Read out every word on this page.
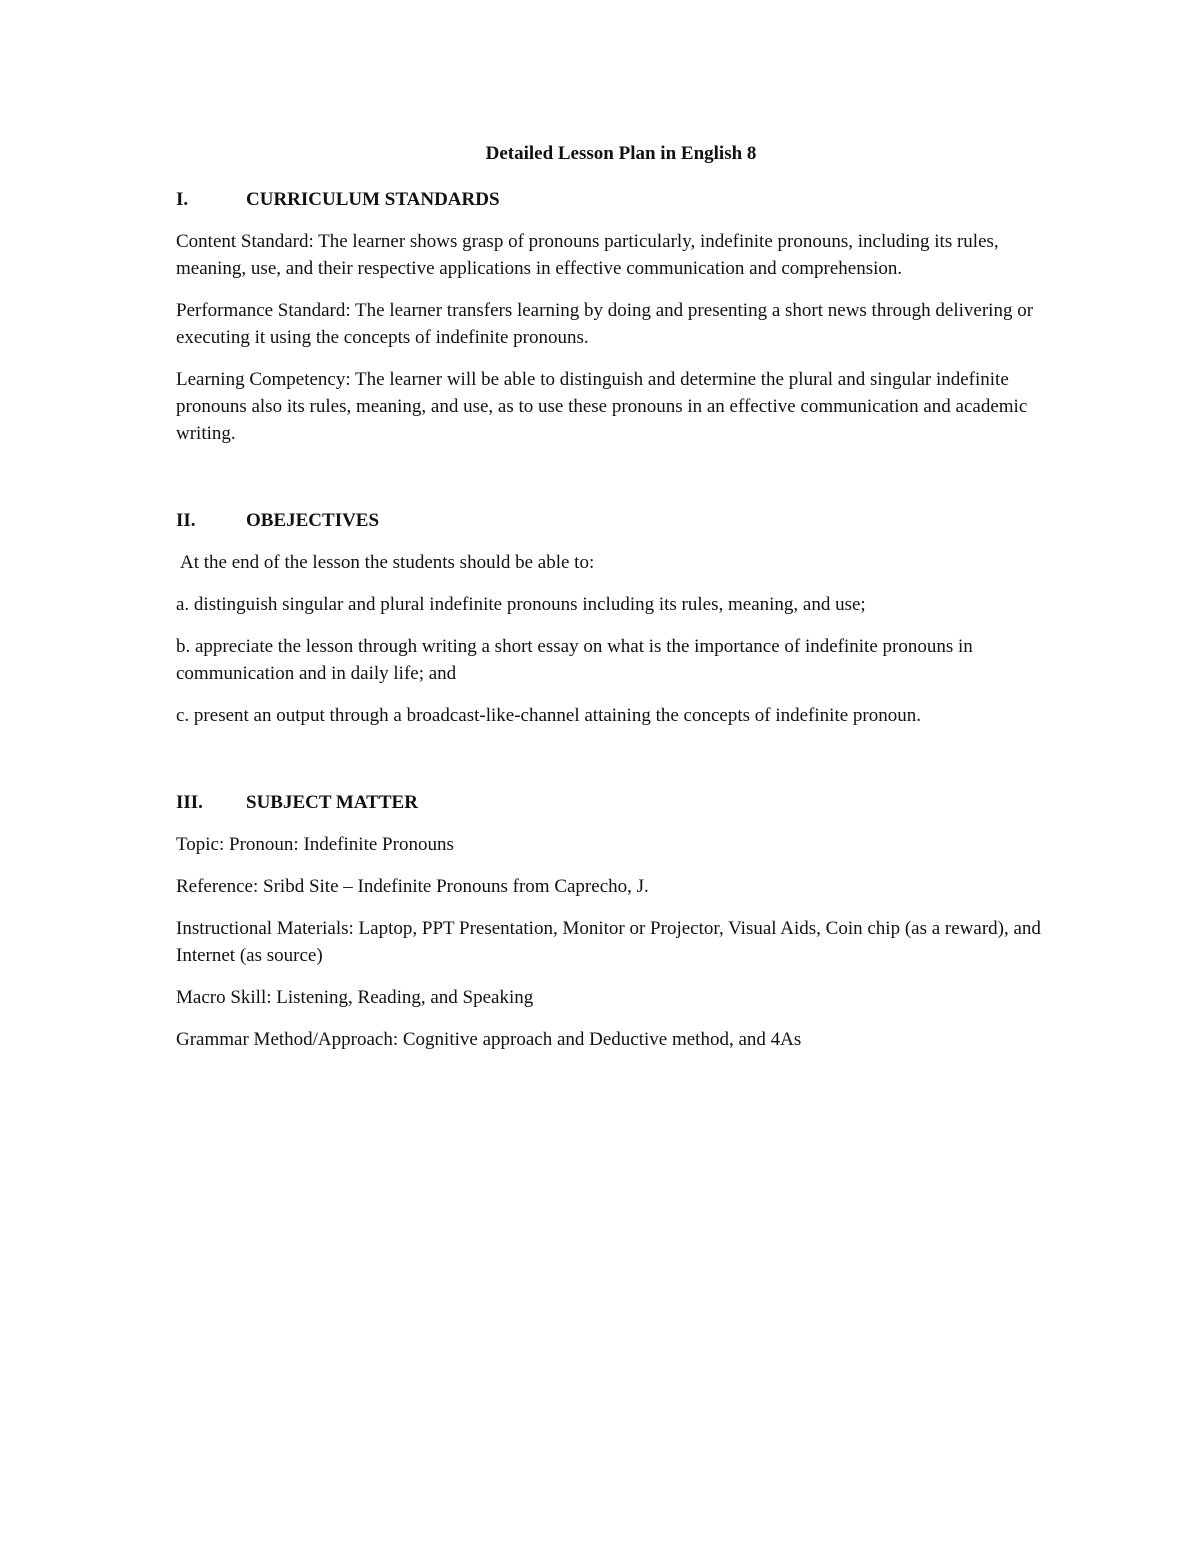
Detailed Lesson Plan in English 8
I.	CURRICULUM STANDARDS
Content Standard: The learner shows grasp of pronouns particularly, indefinite pronouns, including its rules, meaning, use, and their respective applications in effective communication and comprehension.
Performance Standard: The learner transfers learning by doing and presenting a short news through delivering or executing it using the concepts of indefinite pronouns.
Learning Competency: The learner will be able to distinguish and determine the plural and singular indefinite pronouns also its rules, meaning, and use, as to use these pronouns in an effective communication and academic writing.
II.	OBEJECTIVES
At the end of the lesson the students should be able to:
a. distinguish singular and plural indefinite pronouns including its rules, meaning, and use;
b. appreciate the lesson through writing a short essay on what is the importance of indefinite pronouns in communication and in daily life; and
c. present an output through a broadcast-like-channel attaining the concepts of indefinite pronoun.
III.	SUBJECT MATTER
Topic: Pronoun: Indefinite Pronouns
Reference: Sribd Site – Indefinite Pronouns from Caprecho, J.
Instructional Materials: Laptop, PPT Presentation, Monitor or Projector, Visual Aids, Coin chip (as a reward), and Internet (as source)
Macro Skill: Listening, Reading, and Speaking
Grammar Method/Approach: Cognitive approach and Deductive method, and 4As
